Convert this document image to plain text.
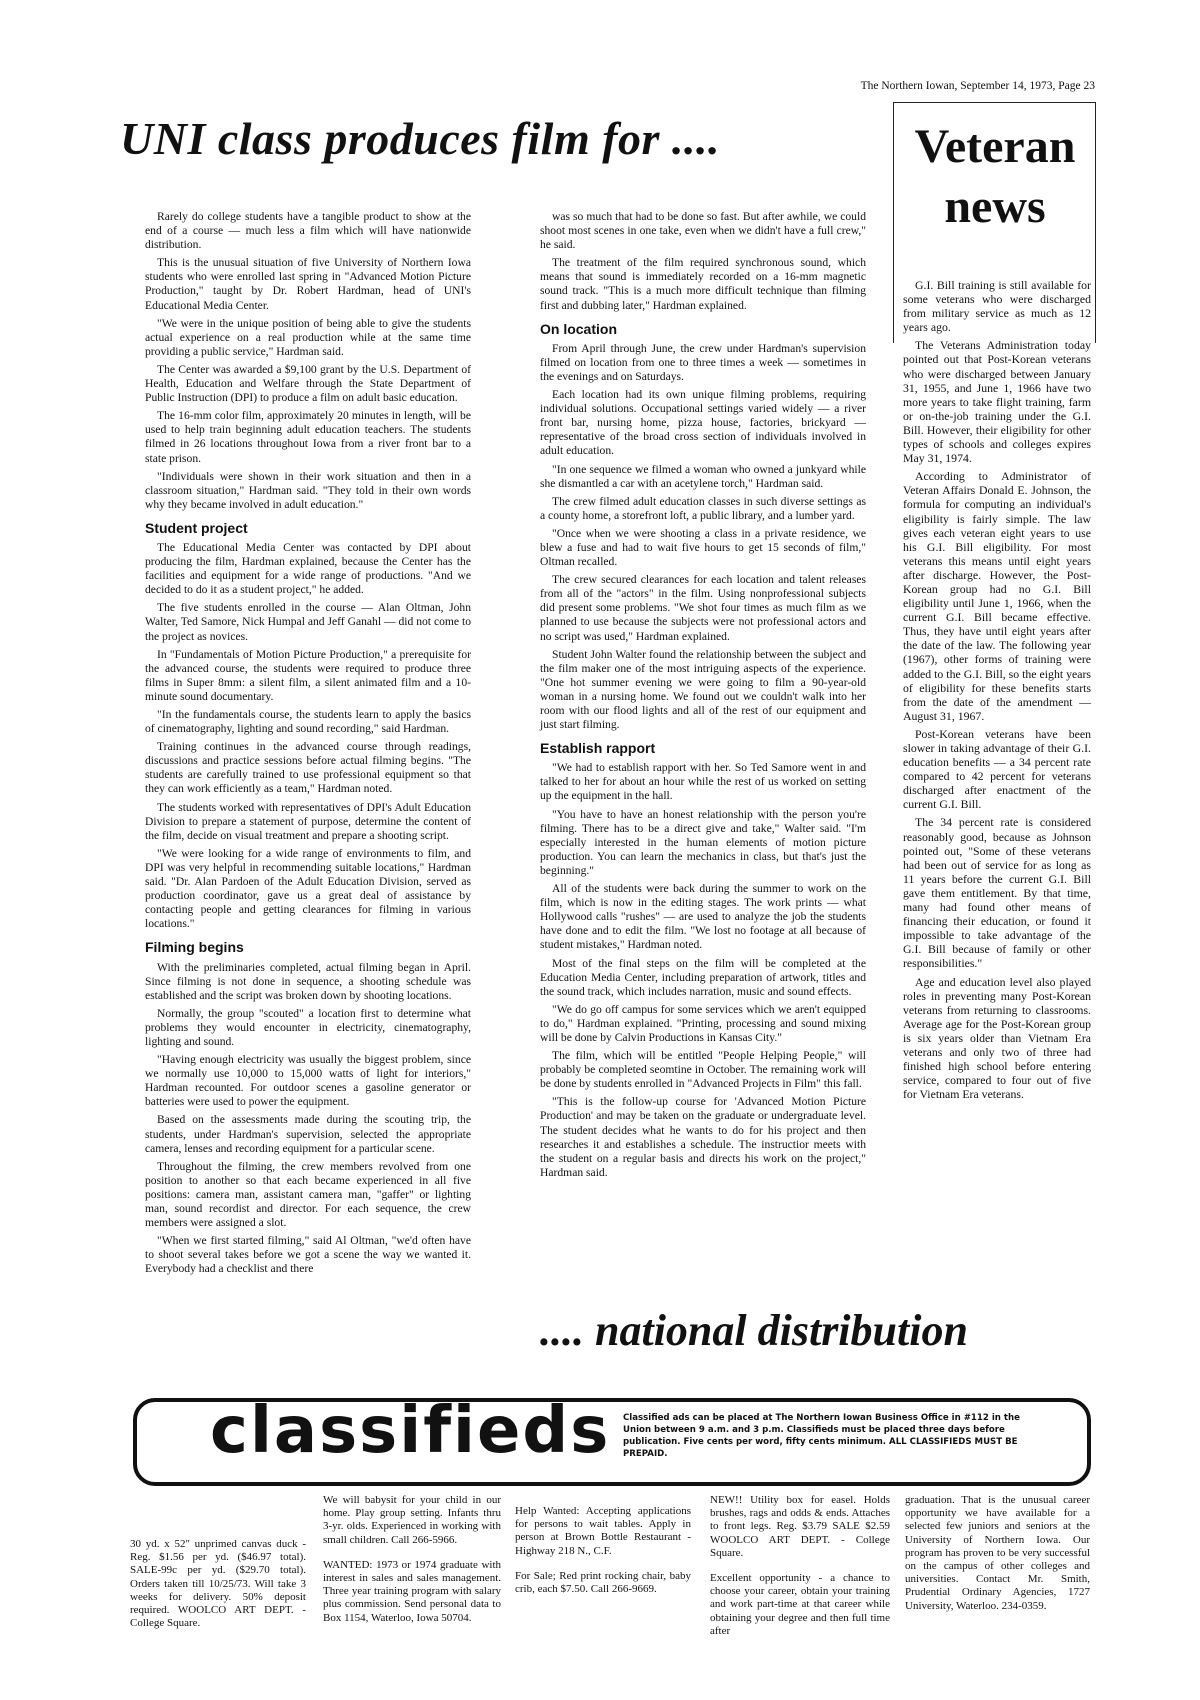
The Northern Iowan, September 14, 1973, Page 23
UNI class produces film for ....

Rarely do college students have a tangible product to show at the end of a course — much less a film which will have nationwide distribution.

This is the unusual situation of five University of Northern Iowa students who were enrolled last spring in "Advanced Motion Picture Production," taught by Dr. Robert Hardman, head of UNI's Educational Media Center.

"We were in the unique position of being able to give the students actual experience on a real production while at the same time providing a public service," Hardman said.

The Center was awarded a $9,100 grant by the U.S. Department of Health, Education and Welfare through the State Department of Public Instruction (DPI) to produce a film on adult basic education.

The 16-mm color film, approximately 20 minutes in length, will be used to help train beginning adult education teachers. The students filmed in 26 locations throughout Iowa from a river front bar to a state prison.

"Individuals were shown in their work situation and then in a classroom situation," Hardman said. "They told in their own words why they became involved in adult education."

Student project

The Educational Media Center was contacted by DPI about producing the film, Hardman explained, because the Center has the facilities and equipment for a wide range of productions. "And we decided to do it as a student project," he added.

The five students enrolled in the course — Alan Oltman, John Walter, Ted Samore, Nick Humpal and Jeff Ganahl — did not come to the project as novices.

In "Fundamentals of Motion Picture Production," a prerequisite for the advanced course, the students were required to produce three films in Super 8mm: a silent film, a silent animated film and a 10-minute sound documentary.

"In the fundamentals course, the students learn to apply the basics of cinematography, lighting and sound recording," said Hardman.

Training continues in the advanced course through readings, discussions and practice sessions before actual filming begins. "The students are carefully trained to use professional equipment so that they can work efficiently as a team," Hardman noted.

The students worked with representatives of DPI's Adult Education Division to prepare a statement of purpose, determine the content of the film, decide on visual treatment and prepare a shooting script.

"We were looking for a wide range of environments to film, and DPI was very helpful in recommending suitable locations," Hardman said. "Dr. Alan Pardoen of the Adult Education Division, served as production coordinator, gave us a great deal of assistance by contacting people and getting clearances for filming in various locations."

Filming begins

With the preliminaries completed, actual filming began in April. Since filming is not done in sequence, a shooting schedule was established and the script was broken down by shooting locations.

Normally, the group "scouted" a location first to determine what problems they would encounter in electricity, cinematography, lighting and sound.

"Having enough electricity was usually the biggest problem, since we normally use 10,000 to 15,000 watts of light for interiors," Hardman recounted. For outdoor scenes a gasoline generator or batteries were used to power the equipment.

Based on the assessments made during the scouting trip, the students, under Hardman's supervision, selected the appropriate camera, lenses and recording equipment for a particular scene.

Throughout the filming, the crew members revolved from one position to another so that each became experienced in all five positions: camera man, assistant camera man, "gaffer" or lighting man, sound recordist and director. For each sequence, the crew members were assigned a slot.

"When we first started filming," said Al Oltman, "we'd often have to shoot several takes before we got a scene the way we wanted it. Everybody had a checklist and there

was so much that had to be done so fast. But after awhile, we could shoot most scenes in one take, even when we didn't have a full crew," he said.

The treatment of the film required synchronous sound, which means that sound is immediately recorded on a 16-mm magnetic sound track. "This is a much more difficult technique than filming first and dubbing later," Hardman explained.

On location

From April through June, the crew under Hardman's supervision filmed on location from one to three times a week — sometimes in the evenings and on Saturdays.

Each location had its own unique filming problems, requiring individual solutions. Occupational settings varied widely — a river front bar, nursing home, pizza house, factories, brickyard — representative of the broad cross section of individuals involved in adult education.

"In one sequence we filmed a woman who owned a junkyard while she dismantled a car with an acetylene torch," Hardman said.

The crew filmed adult education classes in such diverse settings as a county home, a storefront loft, a public library, and a lumber yard.

"Once when we were shooting a class in a private residence, we blew a fuse and had to wait five hours to get 15 seconds of film," Oltman recalled.

The crew secured clearances for each location and talent releases from all of the "actors" in the film. Using nonprofessional subjects did present some problems. "We shot four times as much film as we planned to use because the subjects were not professional actors and no script was used," Hardman explained.

Student John Walter found the relationship between the subject and the film maker one of the most intriguing aspects of the experience. "One hot summer evening we were going to film a 90-year-old woman in a nursing home. We found out we couldn't walk into her room with our flood lights and all of the rest of our equipment and just start filming.

Establish rapport

"We had to establish rapport with her. So Ted Samore went in and talked to her for about an hour while the rest of us worked on setting up the equipment in the hall.

"You have to have an honest relationship with the person you're filming. There has to be a direct give and take," Walter said. "I'm especially interested in the human elements of motion picture production. You can learn the mechanics in class, but that's just the beginning."

All of the students were back during the summer to work on the film, which is now in the editing stages. The work prints — what Hollywood calls "rushes" — are used to analyze the job the students have done and to edit the film. "We lost no footage at all because of student mistakes," Hardman noted.

Most of the final steps on the film will be completed at the Education Media Center, including preparation of artwork, titles and the sound track, which includes narration, music and sound effects.

"We do go off campus for some services which we aren't equipped to do," Hardman explained. "Printing, processing and sound mixing will be done by Calvin Productions in Kansas City."

The film, which will be entitled "People Helping People," will probably be completed seomtine in October. The remaining work will be done by students enrolled in "Advanced Projects in Film" this fall.

"This is the follow-up course for 'Advanced Motion Picture Production' and may be taken on the graduate or undergraduate level. The student decides what he wants to do for his project and then researches it and establishes a schedule. The instructior meets with the student on a regular basis and directs his work on the project," Hardman said.

.... national distribution
Veteran
news

G.I. Bill training is still available for some veterans who were discharged from military service as much as 12 years ago.

The Veterans Administration today pointed out that Post-Korean veterans who were discharged between January 31, 1955, and June 1, 1966 have two more years to take flight training, farm or on-the-job training under the G.I. Bill. However, their eligibility for other types of schools and colleges expires May 31, 1974.

According to Administrator of Veteran Affairs Donald E. Johnson, the formula for computing an individual's eligibility is fairly simple. The law gives each veteran eight years to use his G.I. Bill eligibility. For most veterans this means until eight years after discharge. However, the Post-Korean group had no G.I. Bill eligibility until June 1, 1966, when the current G.I. Bill became effective. Thus, they have until eight years after the date of the law. The following year (1967), other forms of training were added to the G.I. Bill, so the eight years of eligibility for these benefits starts from the date of the amendment — August 31, 1967.

Post-Korean veterans have been slower in taking advantage of their G.I. education benefits — a 34 percent rate compared to 42 percent for veterans discharged after enactment of the current G.I. Bill.

The 34 percent rate is considered reasonably good, because as Johnson pointed out, "Some of these veterans had been out of service for as long as 11 years before the current G.I. Bill gave them entitlement. By that time, many had found other means of financing their education, or found it impossible to take advantage of the G.I. Bill because of family or other responsibilities."

Age and education level also played roles in preventing many Post-Korean veterans from returning to classrooms. Average age for the Post-Korean group is six years older than Vietnam Era veterans and only two of three had finished high school before entering service, compared to four out of five for Vietnam Era veterans.

classifieds Classified ads can be placed at The Northern Iowan Business Office in #112 in the Union between 9 a.m. and 3 p.m. Classifieds must be placed three days before publication. Five cents per word, fifty cents minimum. ALL CLASSIFIEDS MUST BE PREPAID.

30 yd. x 52" unprimed canvas duck - Reg. $1.56 per yd. ($46.97 total). SALE-99c per yd. ($29.70 total). Orders taken till 10/25/73. Will take 3 weeks for delivery. 50% deposit required. WOOLCO ART DEPT. - College Square.

We will babysit for your child in our home. Play group setting. Infants thru 3-yr. olds. Experienced in working with small children. Call 266-5966.

WANTED: 1973 or 1974 graduate with interest in sales and sales management. Three year training program with salary plus commission. Send personal data to Box 1154, Waterloo, Iowa 50704.

Help Wanted: Accepting applications for persons to wait tables. Apply in person at Brown Bottle Restaurant - Highway 218 N., C.F.

For Sale; Red print rocking chair, baby crib, each $7.50. Call 266-9669.

NEW!! Utility box for easel. Holds brushes, rags and odds & ends. Attaches to front legs. Reg. $3.79 SALE $2.59 WOOLCO ART DEPT. - College Square.

Excellent opportunity - a chance to choose your career, obtain your training and work part-time at that career while obtaining your degree and then full time after

graduation. That is the unusual career opportunity we have available for a selected few juniors and seniors at the University of Northern Iowa. Our program has proven to be very successful on the campus of other colleges and universities. Contact Mr. Smith, Prudential Ordinary Agencies, 1727 University, Waterloo. 234-0359.
